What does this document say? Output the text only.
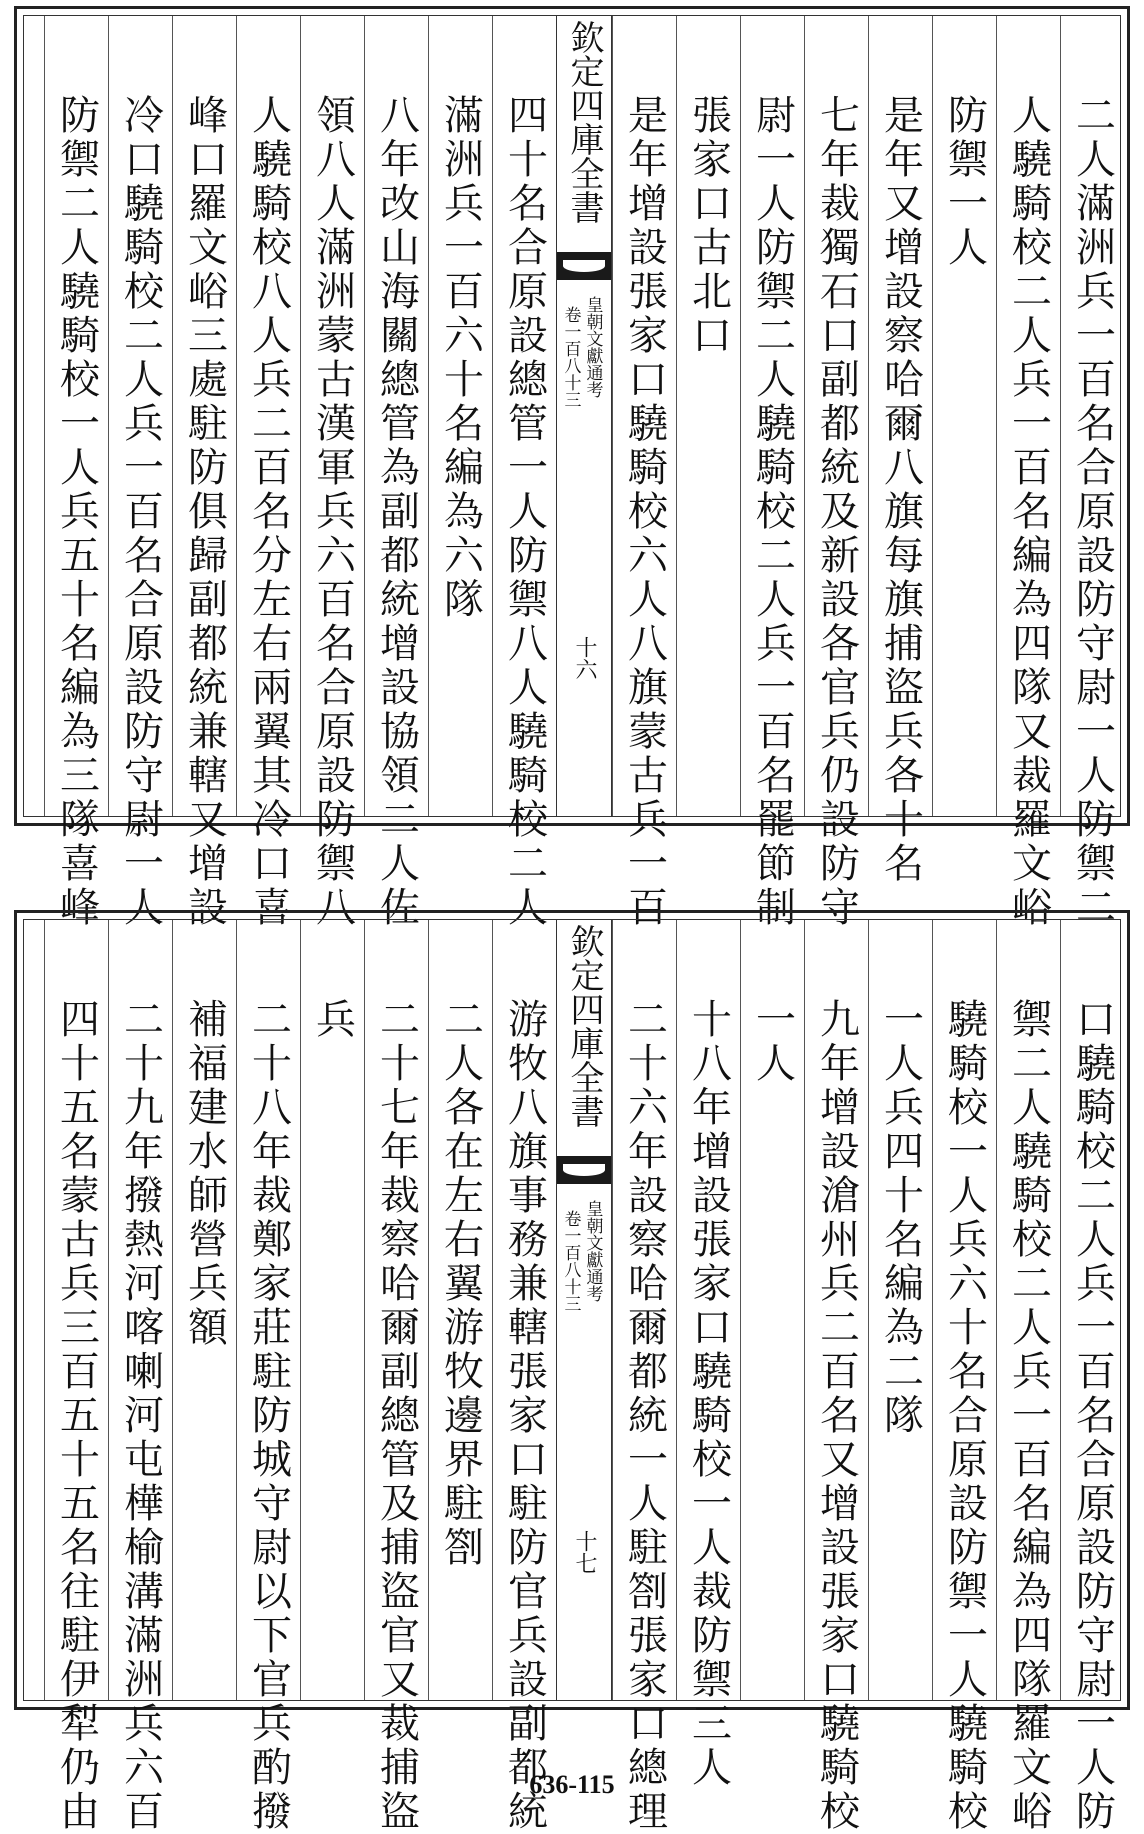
二人滿洲兵一百名合原設防守尉一人防禦二
人驍騎校二人兵一百名編為四隊又裁羅文峪
防禦一人
是年又增設察哈爾八旗每旗捕盜兵各十名
七年裁獨石口副都統及新設各官兵仍設防守
尉一人防禦二人驍騎校二人兵一百名罷節制
張家口古北口
是年增設張家口驍騎校六人八旗蒙古兵一百
欽定四庫全書
皇朝文獻通考
卷一百八十三
十六
四十名合原設總管一人防禦八人驍騎校二人
滿洲兵一百六十名編為六隊
八年改山海關總管為副都統增設協領二人佐
領八人滿洲蒙古漢軍兵六百名合原設防禦八
人驍騎校八人兵二百名分左右兩翼其冷口喜
峰口羅文峪三處駐防俱歸副都統兼轄又增設
冷口驍騎校二人兵一百名合原設防守尉一人
防禦二人驍騎校一人兵五十名編為三隊喜峰
口驍騎校二人兵一百名合原設防守尉一人防
禦二人驍騎校二人兵一百名編為四隊羅文峪
驍騎校一人兵六十名合原設防禦一人驍騎校
一人兵四十名編為二隊
九年增設滄州兵二百名又增設張家口驍騎校
一人
十八年增設張家口驍騎校一人裁防禦三人
二十六年設察哈爾都統一人駐劄張家口總理
欽定四庫全書
皇朝文獻通考
卷一百八十三
十七
游牧八旗事務兼轄張家口駐防官兵設副都統
二人各在左右翼游牧邊界駐劄
二十七年裁察哈爾副總管及捕盜官又裁捕盜
兵
二十八年裁鄭家莊駐防城守尉以下官兵酌撥
補福建水師營兵額
二十九年撥熱河喀喇河屯樺榆溝滿洲兵六百
四十五名蒙古兵三百五十五名往駐伊犁仍由	636-115
